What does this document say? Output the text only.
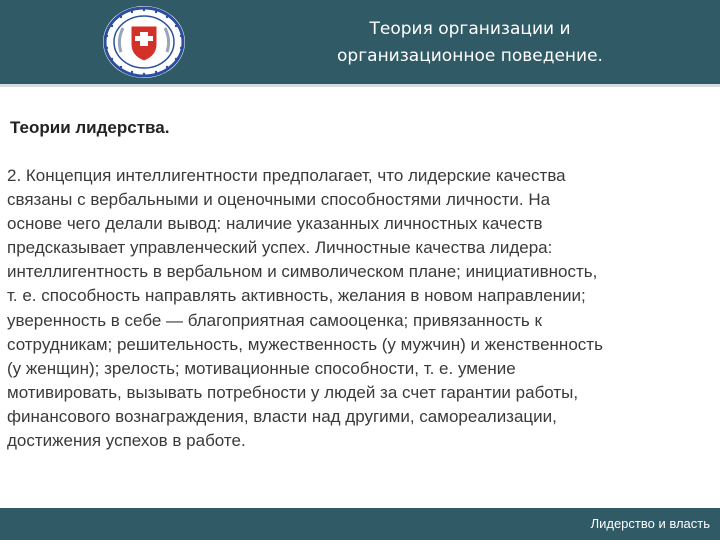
Теория организации и
организационное поведение.
Теории лидерства.
2. Концепция интеллигентности предполагает, что лидерские качества
связаны с вербальными и оценочными способностями личности. На
основе чего делали вывод: наличие указанных личностных качеств
предсказывает управленческий успех. Личностные качества лидера:
интеллигентность в вербальном и символическом плане; инициативность,
т. е. способность направлять активность, желания в новом направлении;
уверенность в себе — благоприятная самооценка; привязанность к
сотрудникам; решительность, мужественность (у мужчин) и женственность
(у женщин); зрелость; мотивационные способности, т. е. умение
мотивировать, вызывать потребности у людей за счет гарантии работы,
финансового вознаграждения, власти над другими, самореализации,
достижения успехов в работе.
Лидерство и власть
